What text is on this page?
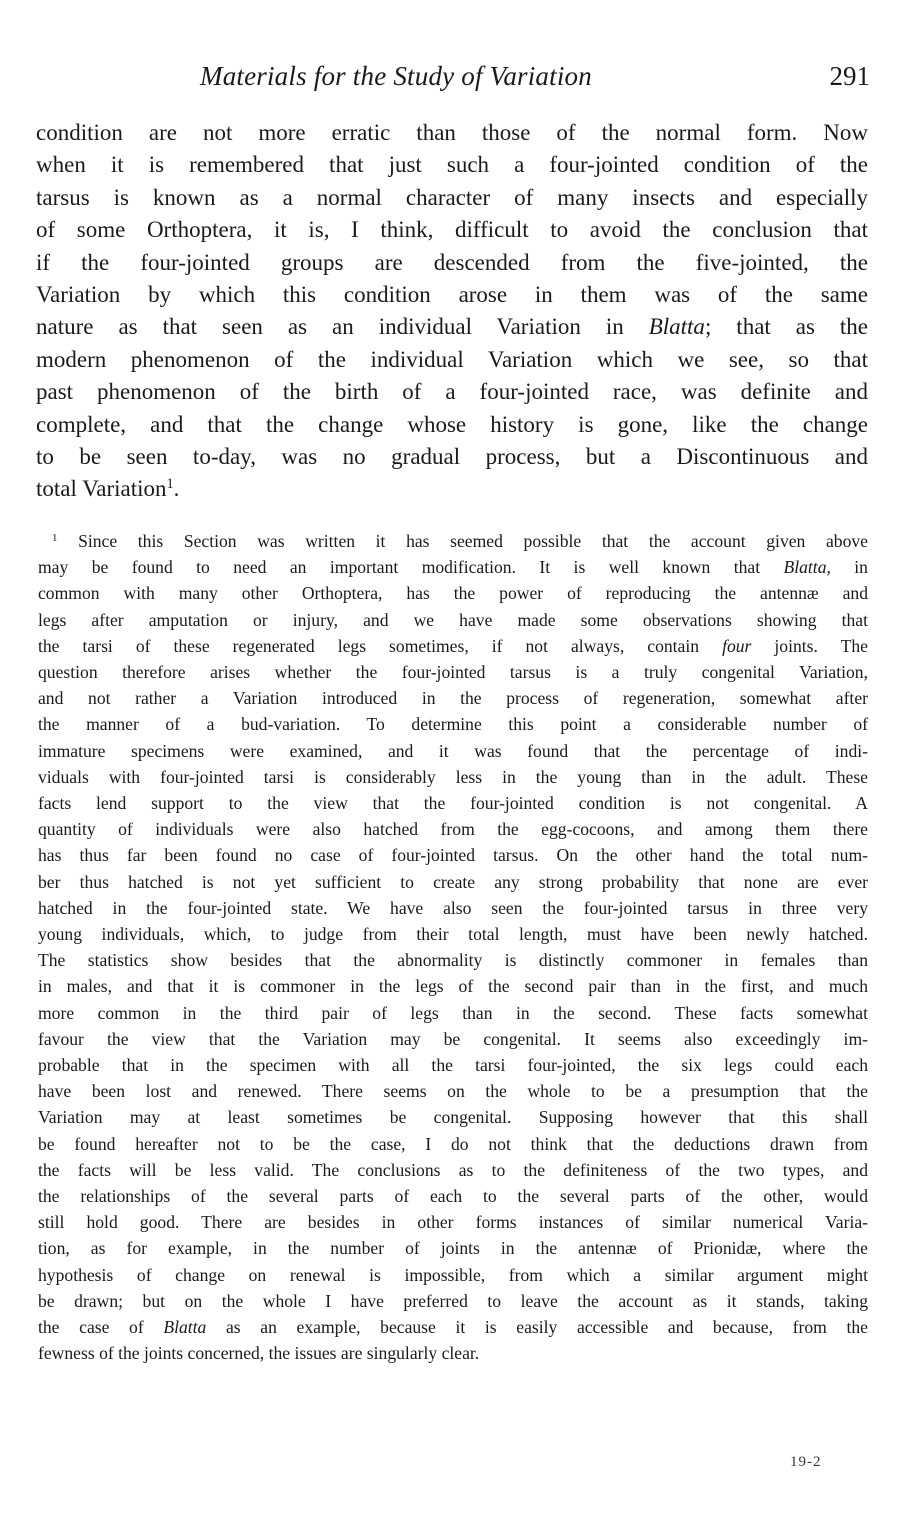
Materials for the Study of Variation	291
condition are not more erratic than those of the normal form. Now
when it is remembered that just such a four-jointed condition of the
tarsus is known as a normal character of many insects and especially
of some Orthoptera, it is, I think, difficult to avoid the conclusion that
if the four-jointed groups are descended from the five-jointed, the
Variation by which this condition arose in them was of the same
nature as that seen as an individual Variation in Blatta; that as the
modern phenomenon of the individual Variation which we see, so that
past phenomenon of the birth of a four-jointed race, was definite and
complete, and that the change whose history is gone, like the change
to be seen to-day, was no gradual process, but a Discontinuous and
total Variation$^1$.
$^1$ Since this Section was written it has seemed possible that the account given above
may be found to need an important modification. It is well known that Blatta, in
common with many other Orthoptera, has the power of reproducing the antennæ and
legs after amputation or injury, and we have made some observations showing that
the tarsi of these regenerated legs sometimes, if not always, contain four joints. The
question therefore arises whether the four-jointed tarsus is a truly congenital Variation,
and not rather a Variation introduced in the process of regeneration, somewhat after
the manner of a bud-variation. To determine this point a considerable number of
immature specimens were examined, and it was found that the percentage of indi-
viduals with four-jointed tarsi is considerably less in the young than in the adult. These
facts lend support to the view that the four-jointed condition is not congenital. A
quantity of individuals were also hatched from the egg-cocoons, and among them there
has thus far been found no case of four-jointed tarsus. On the other hand the total num-
ber thus hatched is not yet sufficient to create any strong probability that none are ever
hatched in the four-jointed state. We have also seen the four-jointed tarsus in three very
young individuals, which, to judge from their total length, must have been newly hatched.
The statistics show besides that the abnormality is distinctly commoner in females than
in males, and that it is commoner in the legs of the second pair than in the first, and much
more common in the third pair of legs than in the second. These facts somewhat
favour the view that the Variation may be congenital. It seems also exceedingly im-
probable that in the specimen with all the tarsi four-jointed, the six legs could each
have been lost and renewed. There seems on the whole to be a presumption that the
Variation may at least sometimes be congenital. Supposing however that this shall
be found hereafter not to be the case, I do not think that the deductions drawn from
the facts will be less valid. The conclusions as to the definiteness of the two types, and
the relationships of the several parts of each to the several parts of the other, would
still hold good. There are besides in other forms instances of similar numerical Varia-
tion, as for example, in the number of joints in the antennæ of Prionidæ, where the
hypothesis of change on renewal is impossible, from which a similar argument might
be drawn; but on the whole I have preferred to leave the account as it stands, taking
the case of Blatta as an example, because it is easily accessible and because, from the
fewness of the joints concerned, the issues are singularly clear.
19-2
